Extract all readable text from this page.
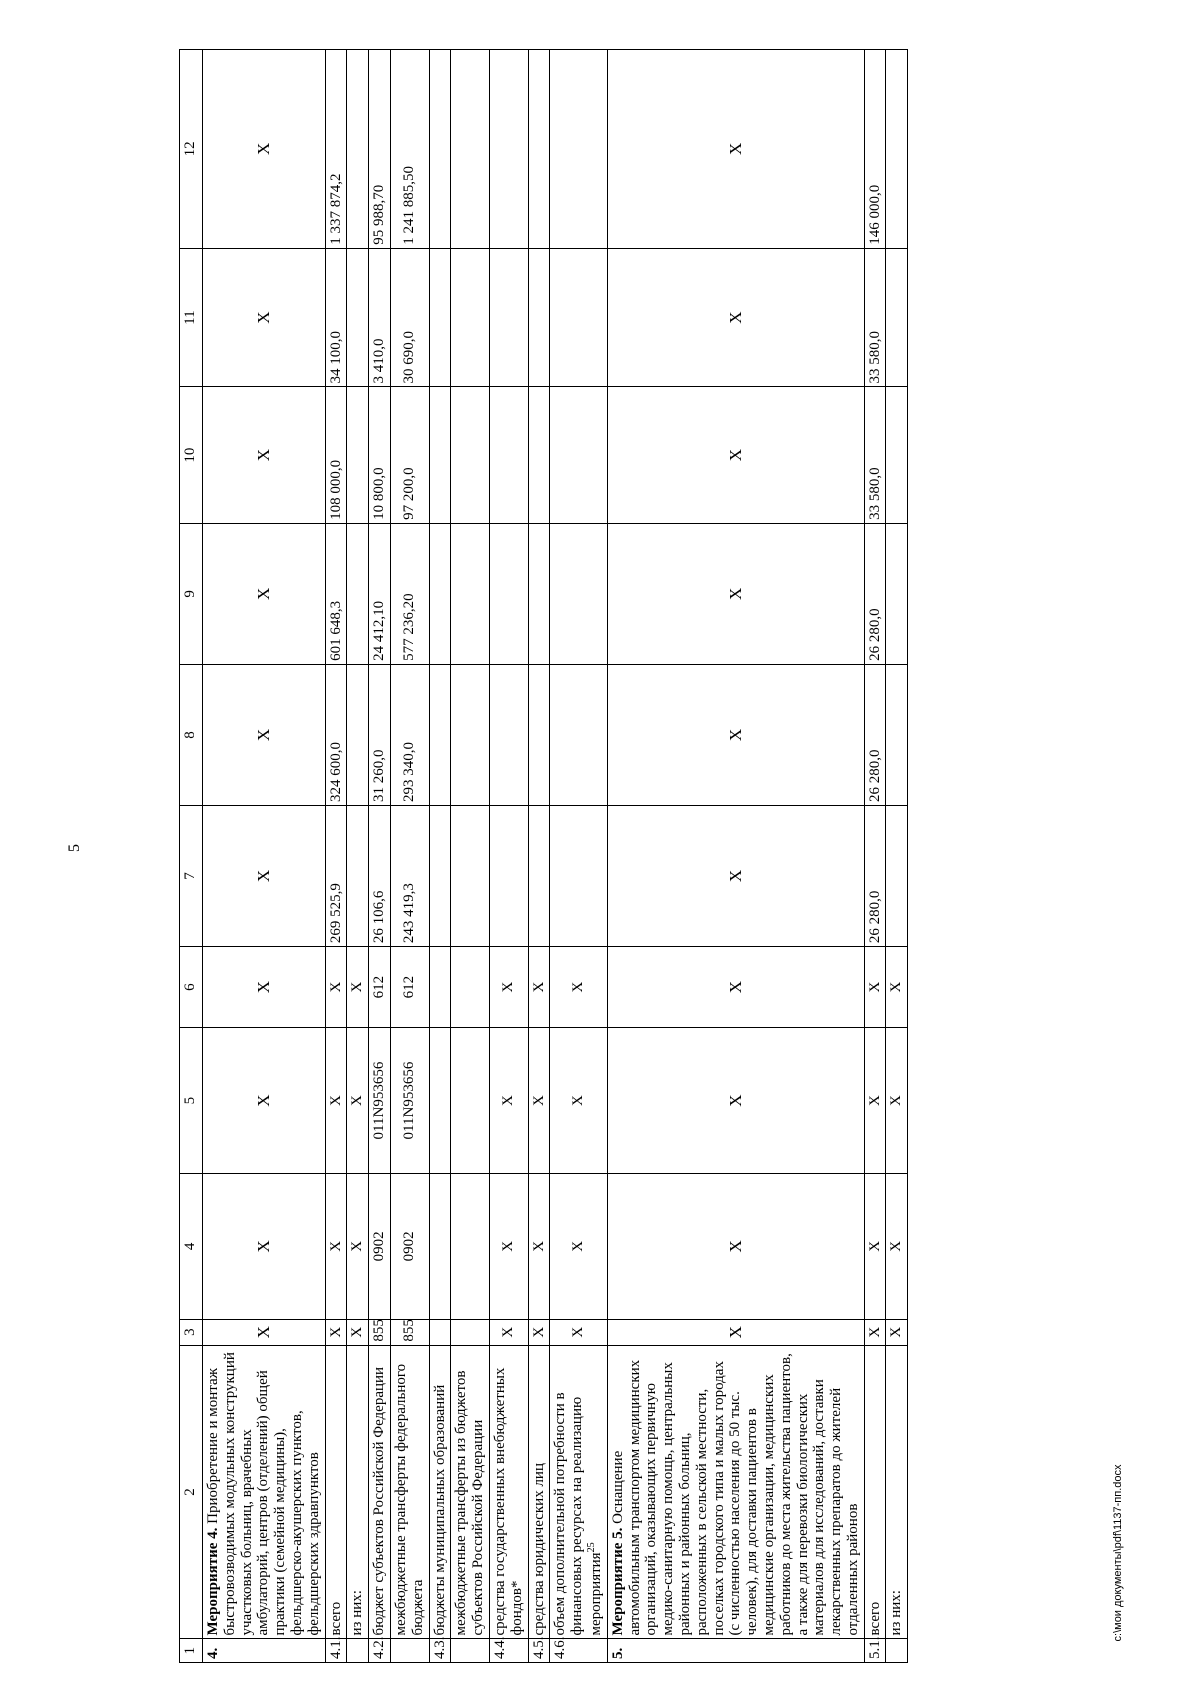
5
1	2	3	4	5	6	7	8	9	10	11	12
4.	Мероприятие 4. Приобретение и монтаж быстровозводимых модульных конструкций участковых больниц, врачебных амбулаторий, центров (отделений) общей практики (семейной медицины), фельдшерско-акушерских пунктов, фельдшерских здравпунктов	X	X	X	X	X	X	X	X	X	X
4.1.	всего	X	X	X	X	269 525,9	324 600,0	601 648,3	108 000,0	34 100,0	1 337 874,2
	из них:	X	X	X	X						
4.2.	бюджет субъектов Российской Федерации	855	0902	011N953656	612	26 106,6	31 260,0	24 412,10	10 800,0	3 410,0	95 988,70
	межбюджетные трансферты федерального бюджета	855	0902	011N953656	612	243 419,3	293 340,0	577 236,20	97 200,0	30 690,0	1 241 885,50
4.3.	бюджеты муниципальных образований										
	межбюджетные трансферты из бюджетов субъектов Российской Федерации										
4.4.	средства государственных внебюджетных фондов*	X	X	X	X						
4.5.	средства юридических лиц	X	X	X	X						
4.6.	объем дополнительной потребности в финансовых ресурсах на реализацию мероприятия$^{25}$	X	X	X	X						
5.	Мероприятие 5. Оснащение автомобильным транспортом медицинских организаций, оказывающих первичную медико-санитарную помощь, центральных районных и районных больниц, расположенных в сельской местности, поселках городского типа и малых городах (с численностью населения до 50 тыс. человек), для доставки пациентов в медицинские организации, медицинских работников до места жительства пациентов, а также для перевозки биологических материалов для исследований, доставки лекарственных препаратов до жителей отдаленных районов	X	X	X	X	X	X	X	X	X	X
5.1.	всего	X	X	X	X	26 280,0	26 280,0	26 280,0	33 580,0	33 580,0	146 000,0
	из них:	X	X	X	X						
c:\мои документы\pdf\1137-пп.docx
